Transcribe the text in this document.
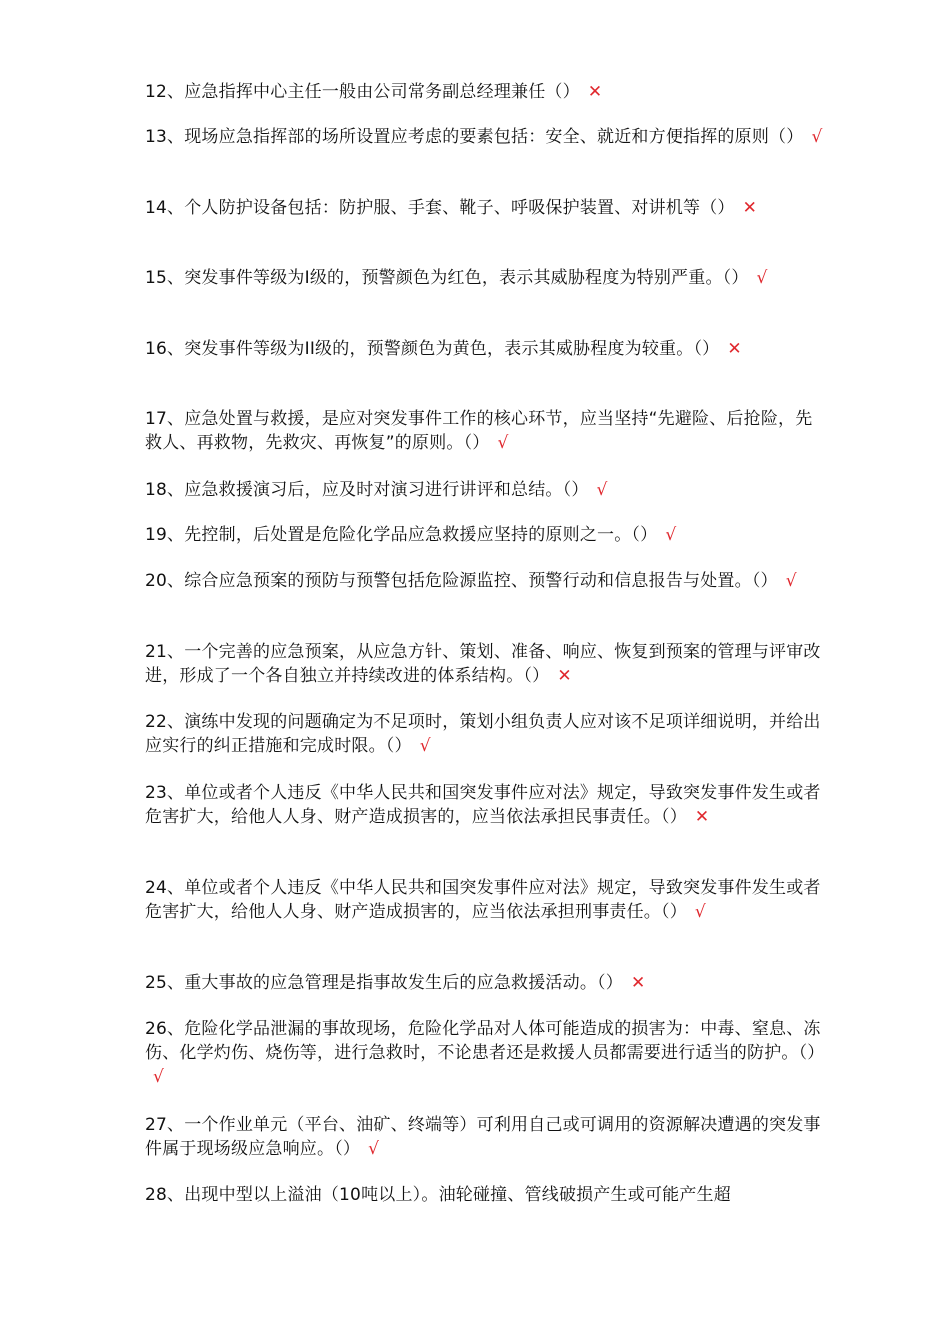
12、应急指挥中心主任一般由公司常务副总经理兼任（） ✕
13、现场应急指挥部的场所设置应考虑的要素包括：安全、就近和方便指挥的原则（） √
14、个人防护设备包括：防护服、手套、靴子、呼吸保护装置、对讲机等（） ✕
15、突发事件等级为I级的，预警颜色为红色，表示其威胁程度为特别严重。（） √
16、突发事件等级为II级的，预警颜色为黄色，表示其威胁程度为较重。（） ✕
17、应急处置与救援，是应对突发事件工作的核心环节，应当坚持“先避险、后抢险，先救人、再救物，先救灾、再恢复”的原则。（） √
18、应急救援演习后，应及时对演习进行讲评和总结。（） √
19、先控制，后处置是危险化学品应急救援应坚持的原则之一。（） √
20、综合应急预案的预防与预警包括危险源监控、预警行动和信息报告与处置。（） √
21、一个完善的应急预案，从应急方针、策划、准备、响应、恢复到预案的管理与评审改进，形成了一个各自独立并持续改进的体系结构。（） ✕
22、演练中发现的问题确定为不足项时，策划小组负责人应对该不足项详细说明，并给出应实行的纠正措施和完成时限。（） √
23、单位或者个人违反《中华人民共和国突发事件应对法》规定，导致突发事件发生或者危害扩大，给他人人身、财产造成损害的，应当依法承担民事责任。（） ✕
24、单位或者个人违反《中华人民共和国突发事件应对法》规定，导致突发事件发生或者危害扩大，给他人人身、财产造成损害的，应当依法承担刑事责任。（） √
25、重大事故的应急管理是指事故发生后的应急救援活动。（） ✕
26、危险化学品泄漏的事故现场，危险化学品对人体可能造成的损害为：中毒、窒息、冻伤、化学灼伤、烧伤等，进行急救时，不论患者还是救援人员都需要进行适当的防护。（）√
27、一个作业单元（平台、油矿、终端等）可利用自己或可调用的资源解决遭遇的突发事件属于现场级应急响应。（） √
28、出现中型以上溢油（10吨以上）。油轮碰撞、管线破损产生或可能产生超
